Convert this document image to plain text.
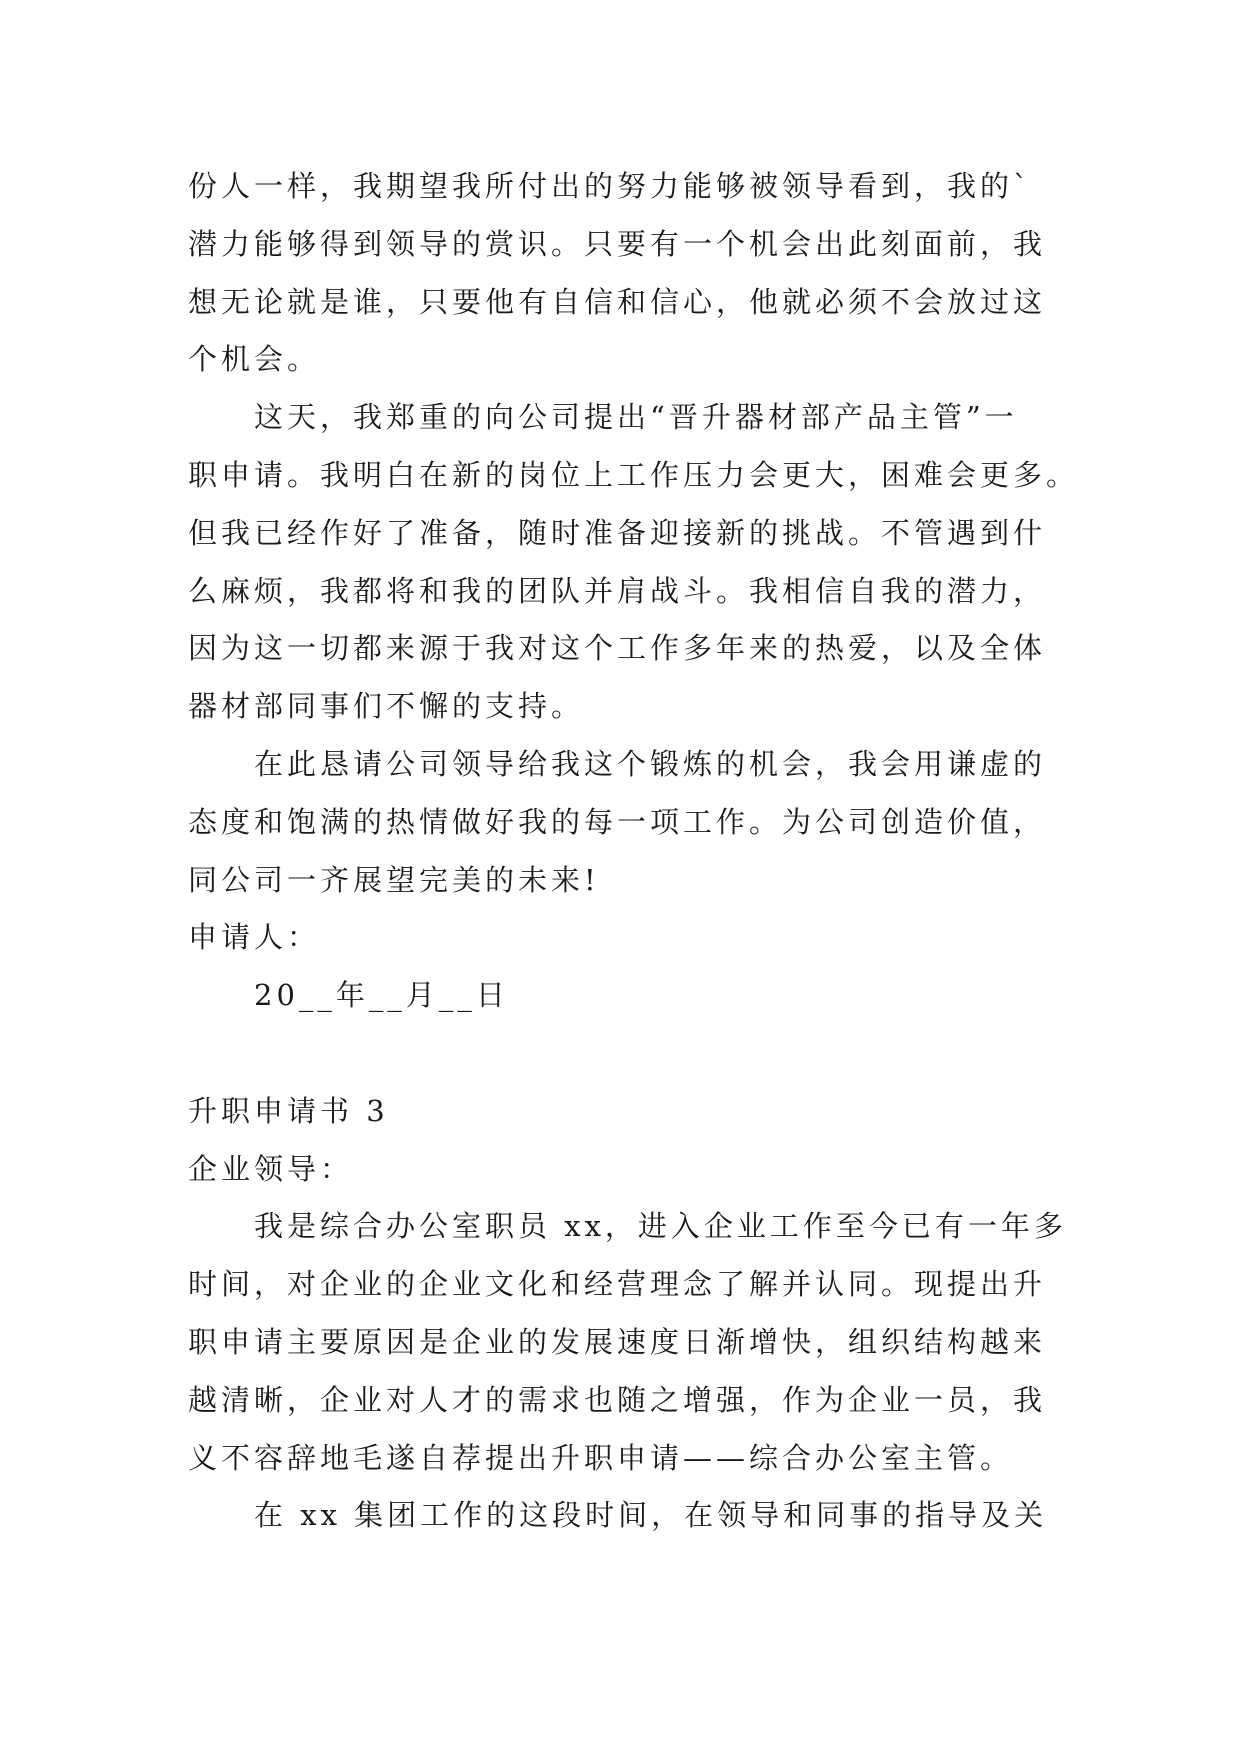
份人一样，我期望我所付出的努力能够被领导看到，我的`
潜力能够得到领导的赏识。只要有一个机会出此刻面前，我
想无论就是谁，只要他有自信和信心，他就必须不会放过这
个机会。
这天，我郑重的向公司提出“晋升器材部产品主管”一
职申请。我明白在新的岗位上工作压力会更大，困难会更多。
但我已经作好了准备，随时准备迎接新的挑战。不管遇到什
么麻烦，我都将和我的团队并肩战斗。我相信自我的潜力，
因为这一切都来源于我对这个工作多年来的热爱，以及全体
器材部同事们不懈的支持。
在此恳请公司领导给我这个锻炼的机会，我会用谦虚的
态度和饱满的热情做好我的每一项工作。为公司创造价值，
同公司一齐展望完美的未来!
申请人：
20__年__月__日
升职申请书 3
企业领导：
我是综合办公室职员 xx，进入企业工作至今已有一年多
时间，对企业的企业文化和经营理念了解并认同。现提出升
职申请主要原因是企业的发展速度日渐增快，组织结构越来
越清晰，企业对人才的需求也随之增强，作为企业一员，我
义不容辞地毛遂自荐提出升职申请——综合办公室主管。
在 xx 集团工作的这段时间，在领导和同事的指导及关
